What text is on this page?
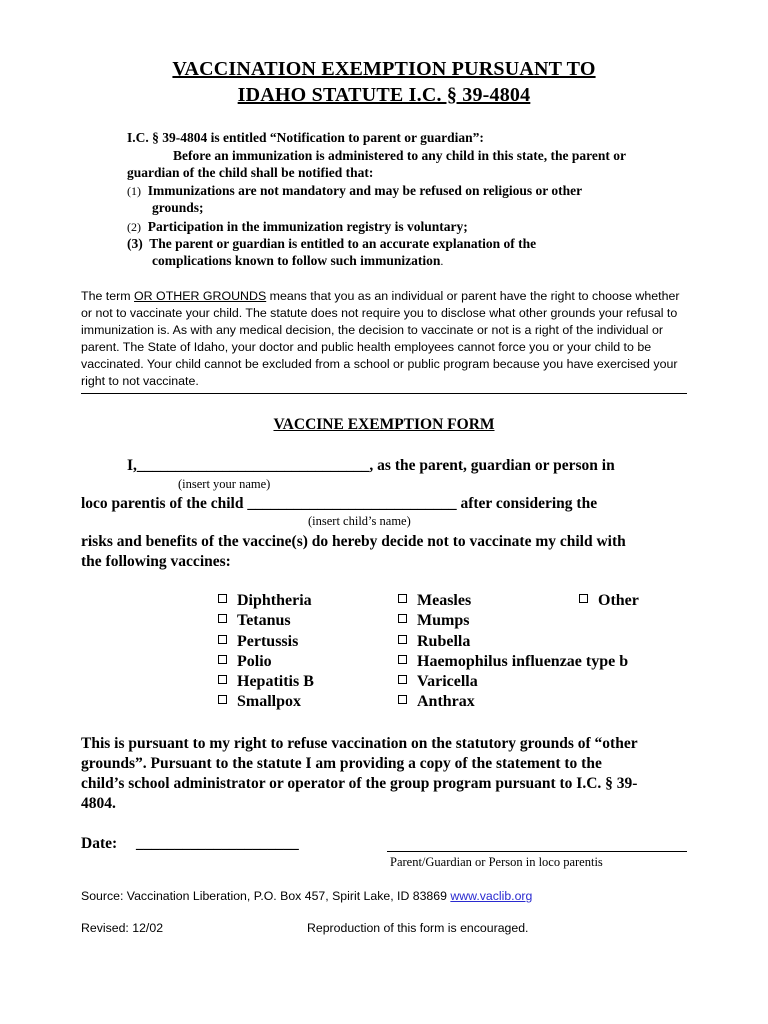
VACCINATION EXEMPTION PURSUANT TO
IDAHO STATUTE I.C. § 39-4804
I.C. § 39-4804 is entitled “Notification to parent or guardian”:
Before an immunization is administered to any child in this state, the parent or
guardian of the child shall be notified that:
(1) Immunizations are not mandatory and may be refused on religious or other
grounds;
(2) Participation in the immunization registry is voluntary;
(3) The parent or guardian is entitled to an accurate explanation of the
complications known to follow such immunization.
The term OR OTHER GROUNDS means that you as an individual or parent have the right to choose whether or not to vaccinate your child. The statute does not require you to disclose what other grounds your refusal to immunization is. As with any medical decision, the decision to vaccinate or not is a right of the individual or parent. The State of Idaho, your doctor and public health employees cannot force you or your child to be vaccinated. Your child cannot be excluded from a school or public program because you have exercised your right to not vaccinate.
VACCINE EXEMPTION FORM
I,______________________________, as the parent, guardian or person in
(insert your name)
loco parentis of the child ___________________________ after considering the
(insert child’s name)
risks and benefits of the vaccine(s) do hereby decide not to vaccinate my child with
the following vaccines:
Diphtheria
Tetanus
Pertussis
Polio
Hepatitis B
Smallpox
Measles
Mumps
Rubella
Haemophilus influenzae type b
Varicella
Anthrax
Other
This is pursuant to my right to refuse vaccination on the statutory grounds of “other
grounds”. Pursuant to the statute I am providing a copy of the statement to the
child’s school administrator or operator of the group program pursuant to I.C. § 39-
4804.
Date: _____________________
Parent/Guardian or Person in loco parentis
Source: Vaccination Liberation, P.O. Box 457, Spirit Lake, ID 83869 www.vaclib.org
Revised: 12/02	Reproduction of this form is encouraged.
